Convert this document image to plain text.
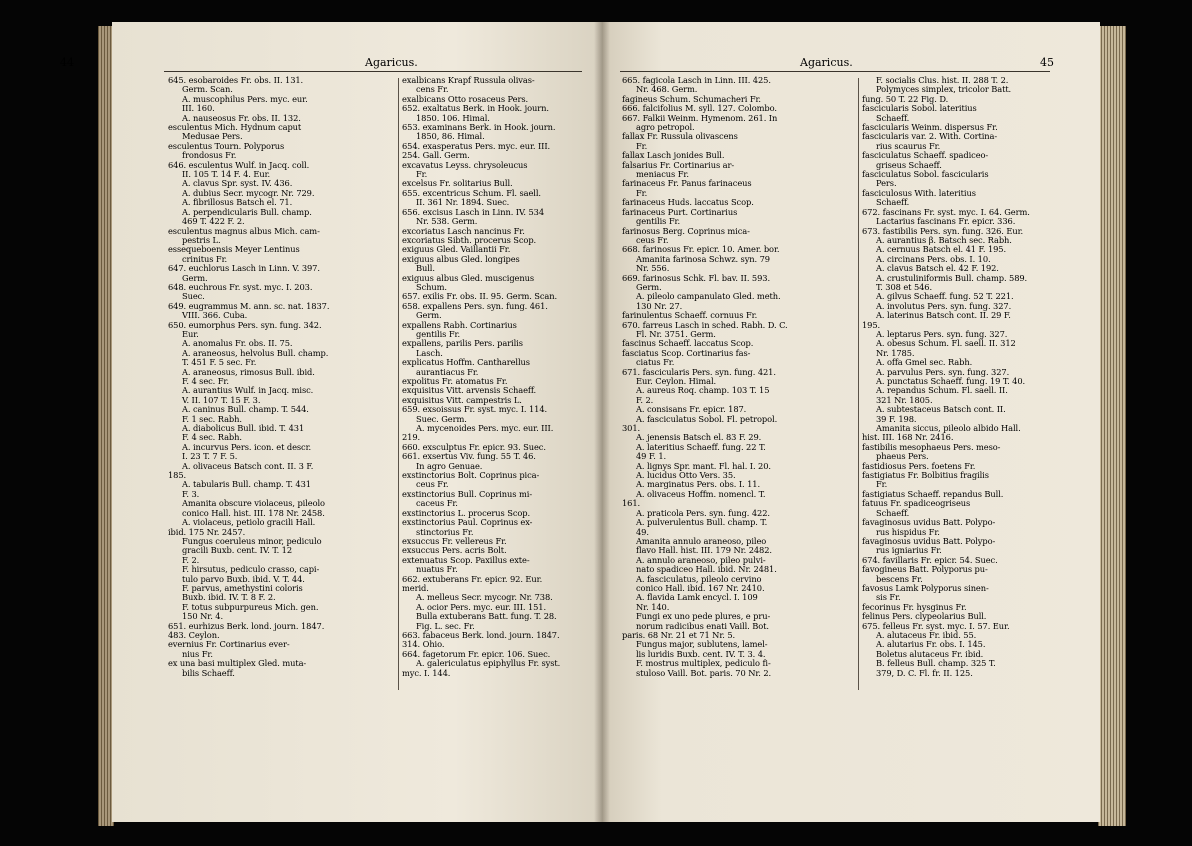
44	Agaricus.	Agaricus.	45

645. esobaroides Fr. obs. II. 131.

Germ. Scan.

A. muscophilus Pers. myc. eur.

III. 160.

A. nauseosus Fr. obs. II. 132.

esculentus Mich. Hydnum caput

Medusae Pers.

esculentus Tourn. Polyporus

frondosus Fr.

646. esculentus Wulf. in Jacq. coll.

II. 105 T. 14 F. 4. Eur.

A. clavus Spr. syst. IV. 436.

A. dubius Secr. mycogr. Nr. 729.

A. fibrillosus Batsch el. 71.

A. perpendicularis Bull. champ.

469 T. 422 F. 2.

esculentus magnus albus Mich. cam-

pestris L.

essequeboensis Meyer Lentinus

crinitus Fr.

647. euchlorus Lasch in Linn. V. 397.

Germ.

648. euchrous Fr. syst. myc. I. 203.

Suec.

649. eugrammus M. ann. sc. nat. 1837.

VIII. 366. Cuba.

650. eumorphus Pers. syn. fung. 342.

Eur.

A. anomalus Fr. obs. II. 75.

A. araneosus, helvolus Bull. champ.

T. 451 F. 5 sec. Fr.

A. araneosus, rimosus Bull. ibid.

F. 4 sec. Fr.

A. aurantius Wulf. in Jacq. misc.

V. II. 107 T. 15 F. 3.

A. caninus Bull. champ. T. 544.

F. 1 sec. Rabh.

A. diabolicus Bull. ibid. T. 431

F. 4 sec. Rabh.

A. incurvus Pers. icon. et descr.

I. 23 T. 7 F. 5.

A. olivaceus Batsch cont. II. 3 F.

185.

A. tabularis Bull. champ. T. 431

F. 3.

Amanita obscure violaceus, pileolo

conico Hall. hist. III. 178 Nr. 2458.

A. violaceus, petiolo gracili Hall.

ibid. 175 Nr. 2457.

Fungus coeruleus minor, pediculo

gracili Buxb. cent. IV. T. 12

F. 2.

F. hirsutus, pediculo crasso, capi-

tulo parvo Buxb. ibid. V. T. 44.

F. parvus, amethystini coloris

Buxb. ibid. IV. T. 8 F. 2.

F. totus subpurpureus Mich. gen.

150 Nr. 4.

651. eurhizus Berk. lond. journ. 1847.

483. Ceylon.

evernius Fr. Cortinarius ever-

nius Fr.

ex una basi multiplex Gled. muta-

bilis Schaeff.

exalbicans Krapf Russula olivas-

cens Fr.

exalbicans Otto rosaceus Pers.

652. exaltatus Berk. in Hook. journ.

1850. 106. Himal.

653. examinans Berk. in Hook. journ.

1850, 86. Himal.

654. exasperatus Pers. myc. eur. III.

254. Gall. Germ.

excavatus Leyss. chrysoleucus

Fr.

excelsus Fr. solitarius Bull.

655. excentricus Schum. Fl. saell.

II. 361 Nr. 1894. Suec.

656. excisus Lasch in Linn. IV. 534

Nr. 538. Germ.

excoriatus Lasch nancinus Fr.

excoriatus Sibth. procerus Scop.

exiguus Gled. Vaillantii Fr.

exiguus albus Gled. longipes

Bull.

exiguus albus Gled. muscigenus

Schum.

657. exilis Fr. obs. II. 95. Germ. Scan.

658. expallens Pers. syn. fung. 461.

Germ.

expallens Rabh. Cortinarius

gentilis Fr.

expallens, parilis Pers. parilis

Lasch.

explicatus Hoffm. Cantharellus

aurantiacus Fr.

expolitus Fr. atomatus Fr.

exquisitus Vitt. arvensis Schaeff.

exquisitus Vitt. campestris L.

659. exsoissus Fr. syst. myc. I. 114.

Suec. Germ.

A. mycenoides Pers. myc. eur. III.

219.

660. exsculptus Fr. epicr. 93. Suec.

661. exsertus Viv. fung. 55 T. 46.

In agro Genuae.

exstinctorius Bolt. Coprinus pica-

ceus Fr.

exstinctorius Bull. Coprinus mi-

caceus Fr.

exstinctorius L. procerus Scop.

exstinctorius Paul. Coprinus ex-

stinctorius Fr.

exsuccus Fr. vellereus Fr.

exsuccus Pers. acris Bolt.

extenuatus Scop. Paxillus exte-

nuatus Fr.

662. extuberans Fr. epicr. 92. Eur.

merid.

A. melleus Secr. mycogr. Nr. 738.

A. ocior Pers. myc. eur. III. 151.

Bulla extuberans Batt. fung. T. 28.

Fig. L. sec. Fr.

663. fabaceus Berk. lond. journ. 1847.

314. Ohio.

664. fagetorum Fr. epicr. 106. Suec.

A. galericulatus epiphyllus Fr. syst.

myc. I. 144.

665. fagicola Lasch in Linn. III. 425.

Nr. 468. Germ.

fagineus Schum. Schumacheri Fr.

666. falcifolius M. syll. 127. Colombo.

667. Falkii Weinm. Hymenom. 261. In

agro petropol.

fallax Fr. Russula olivascens

Fr.

fallax Lasch jonides Bull.

falsarius Fr. Cortinarius ar-

meniacus Fr.

farinaceus Fr. Panus farinaceus

Fr.

farinaceus Huds. laccatus Scop.

farinaceus Purt. Cortinarius

gentilis Fr.

farinosus Berg. Coprinus mica-

ceus Fr.

668. farinosus Fr. epicr. 10. Amer. bor.

Amanita farinosa Schwz. syn. 79

Nr. 556.

669. farinosus Schk. Fl. bav. II. 593.

Germ.

A. pileolo campanulato Gled. meth.

130 Nr. 27.

farinulentus Schaeff. cornuus Fr.

670. farreus Lasch in sched. Rabh. D. C.

Fl. Nr. 3751. Germ.

fascinus Schaeff. laccatus Scop.

fasciatus Scop. Cortinarius fas-

ciatus Fr.

671. fascicularis Pers. syn. fung. 421.

Eur. Ceylon. Himal.

A. aureus Roq. champ. 103 T. 15

F. 2.

A. consisans Fr. epicr. 187.

A. fasciculatus Sobol. Fl. petropol.

301.

A. jenensis Batsch el. 83 F. 29.

A. lateritius Schaeff. fung. 22 T.

49 F. 1.

A. lignys Spr. mant. Fl. hal. I. 20.

A. lucidus Otto Vers. 35.

A. marginatus Pers. obs. I. 11.

A. olivaceus Hoffm. nomencl. T.

161.

A. praticola Pers. syn. fung. 422.

A. pulverulentus Bull. champ. T.

49.

Amanita annulo araneoso, pileo

flavo Hall. hist. III. 179 Nr. 2482.

A. annulo araneoso, pileo pulvi-

nato spadiceo Hall. ibid. Nr. 2481.

A. fasciculatus, pileolo cervino

conico Hall. ibid. 167 Nr. 2410.

A. flavida Lamk encycl. I. 109

Nr. 140.

Fungi ex uno pede plures, e pru-

norum radicibus enati Vaill. Bot.

paris. 68 Nr. 21 et 71 Nr. 5.

Fungus major, sublutens, lamel-

lis luridis Buxb. cent. IV. T. 3. 4.

F. mostrus multiplex, pediculo fi-

stuloso Vaill. Bot. paris. 70 Nr. 2.

F. socialis Clus. hist. II. 288 T. 2.

Polymyces simplex, tricolor Batt.

fung. 50 T. 22 Fig. D.

fascicularis Sobol. lateritius

Schaeff.

fascicularis Weinm. dispersus Fr.

fascicularis var. 2. With. Cortina-

rius scaurus Fr.

fasciculatus Schaeff. spadiceo-

griseus Schaeff.

fasciculatus Sobol. fascicularis

Pers.

fasciculosus With. lateritius

Schaeff.

672. fascinans Fr. syst. myc. I. 64. Germ.

Lactarius fascinans Fr. epicr. 336.

673. fastibilis Pers. syn. fung. 326. Eur.

A. aurantius β. Batsch sec. Rabh.

A. cernuus Batsch el. 41 F. 195.

A. circinans Pers. obs. I. 10.

A. clavus Batsch el. 42 F. 192.

A. crustuliniformis Bull. champ. 589.

T. 308 et 546.

A. gilvus Schaeff. fung. 52 T. 221.

A. involutus Pers. syn. fung. 327.

A. laterinus Batsch cont. II. 29 F.

195.

A. leptarus Pers. syn. fung. 327.

A. obesus Schum. Fl. saell. II. 312

Nr. 1785.

A. offa Gmel sec. Rabh.

A. parvulus Pers. syn. fung. 327.

A. punctatus Schaeff. fung. 19 T. 40.

A. repandus Schum. Fl. saell. II.

321 Nr. 1805.

A. subtestaceus Batsch cont. II.

39 F. 198.

Amanita siccus, pileolo albido Hall.

hist. III. 168 Nr. 2416.

fastibilis mesophaeus Pers. meso-

phaeus Pers.

fastidiosus Pers. foetens Fr.

fastigiatus Fr. Bolbitius fragilis

Fr.

fastigiatus Schaeff. repandus Bull.

fatuus Fr. spadiceogriseus

Schaeff.

favaginosus uvidus Batt. Polypo-

rus hispidus Fr.

favaginosus uvidus Batt. Polypo-

rus igniarius Fr.

674. favillaris Fr. epicr. 54. Suec.

favogineus Batt. Polyporus pu-

bescens Fr.

favosus Lamk Polyporus sinen-

sis Fr.

fecorinus Fr. hysginus Fr.

felinus Pers. clypeolarius Bull.

675. felleus Fr. syst. myc. I. 57. Eur.

A. alutaceus Fr. ibid. 55.

A. alutarius Fr. obs. I. 145.

Boletus alutaceus Fr. ibid.

B. felleus Bull. champ. 325 T.

379, D. C. Fl. fr. II. 125.
